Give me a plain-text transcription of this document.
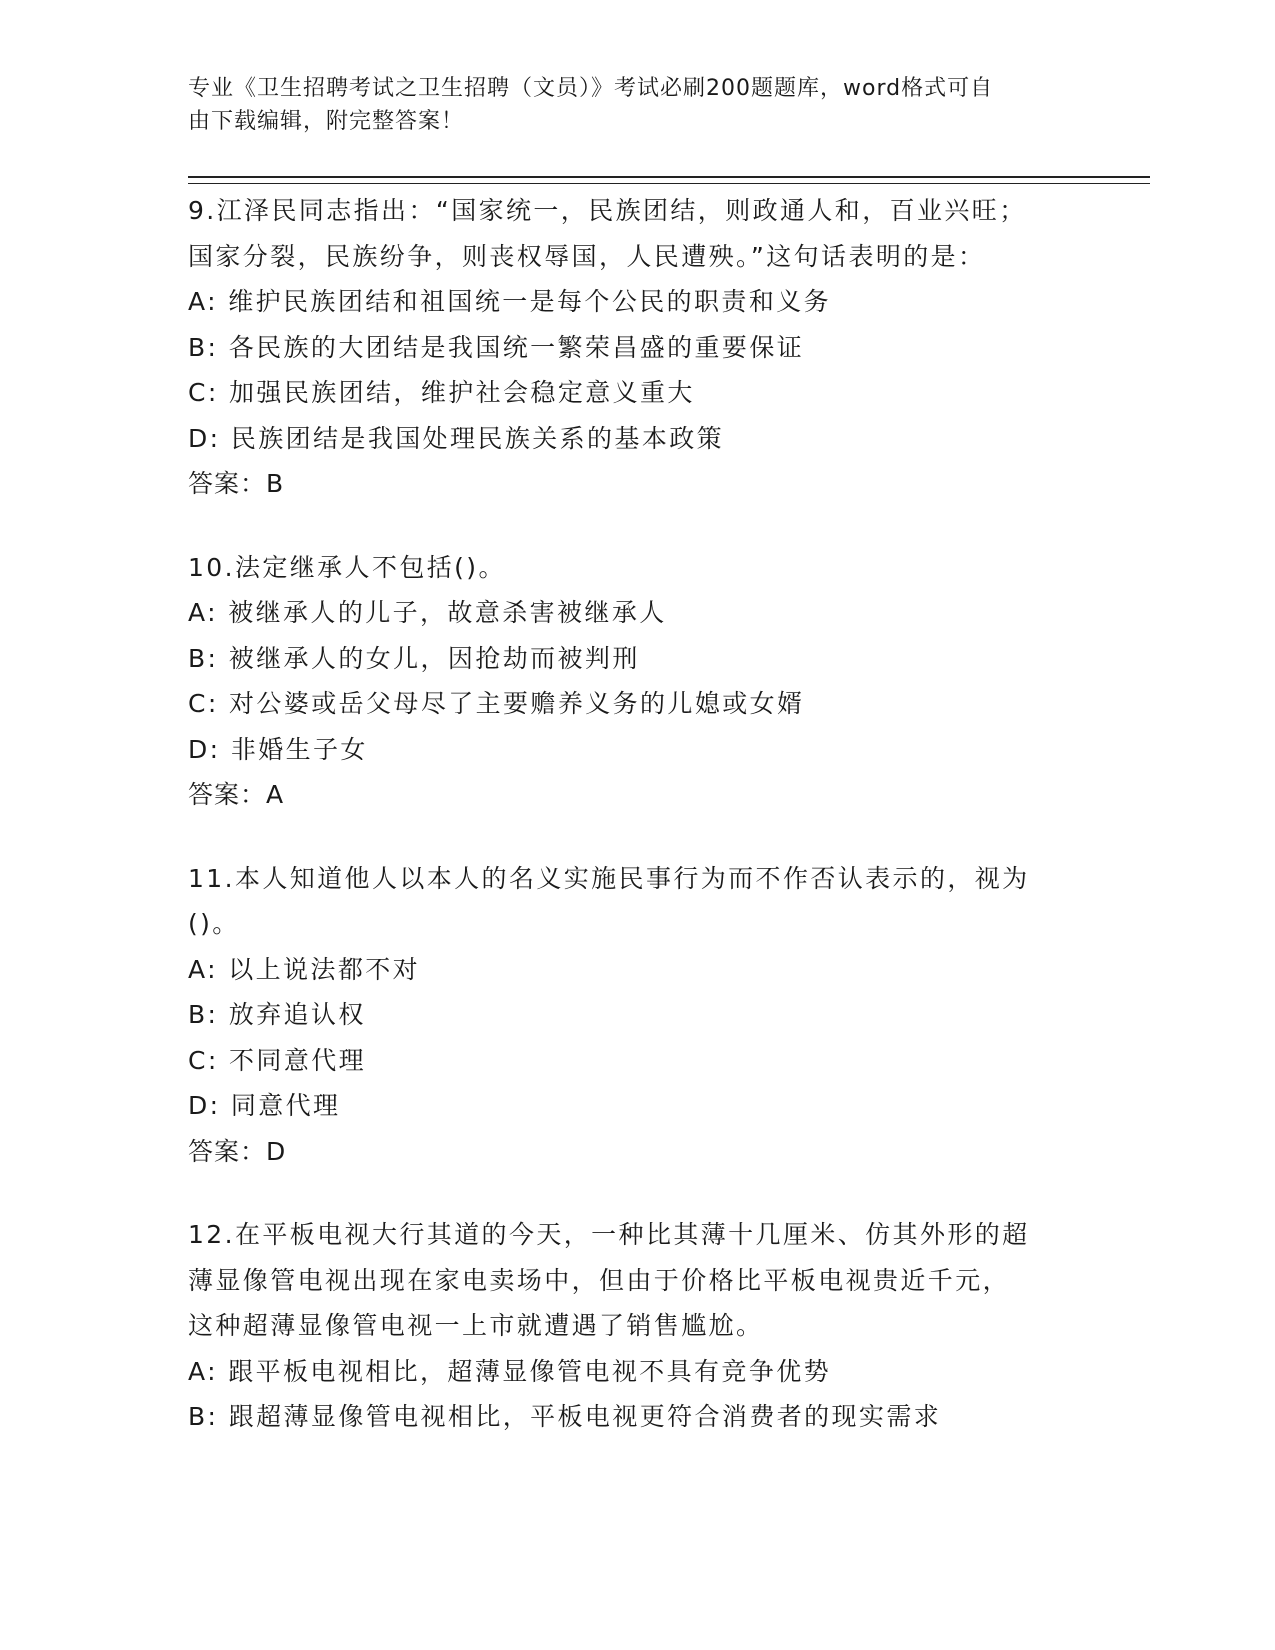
专业《卫生招聘考试之卫生招聘（文员）》考试必刷200题题库，word格式可自
由下载编辑，附完整答案！
9.江泽民同志指出：“国家统一，民族团结，则政通人和，百业兴旺；
国家分裂，民族纷争，则丧权辱国，人民遭殃。”这句话表明的是：
A: 维护民族团结和祖国统一是每个公民的职责和义务
B: 各民族的大团结是我国统一繁荣昌盛的重要保证
C: 加强民族团结，维护社会稳定意义重大
D: 民族团结是我国处理民族关系的基本政策
答案：B
10.法定继承人不包括()。
A: 被继承人的儿子，故意杀害被继承人
B: 被继承人的女儿，因抢劫而被判刑
C: 对公婆或岳父母尽了主要赡养义务的儿媳或女婿
D: 非婚生子女
答案：A
11.本人知道他人以本人的名义实施民事行为而不作否认表示的，视为
()。
A: 以上说法都不对
B: 放弃追认权
C: 不同意代理
D: 同意代理
答案：D
12.在平板电视大行其道的今天，一种比其薄十几厘米、仿其外形的超
薄显像管电视出现在家电卖场中，但由于价格比平板电视贵近千元，
这种超薄显像管电视一上市就遭遇了销售尴尬。
A: 跟平板电视相比，超薄显像管电视不具有竞争优势
B: 跟超薄显像管电视相比，平板电视更符合消费者的现实需求
